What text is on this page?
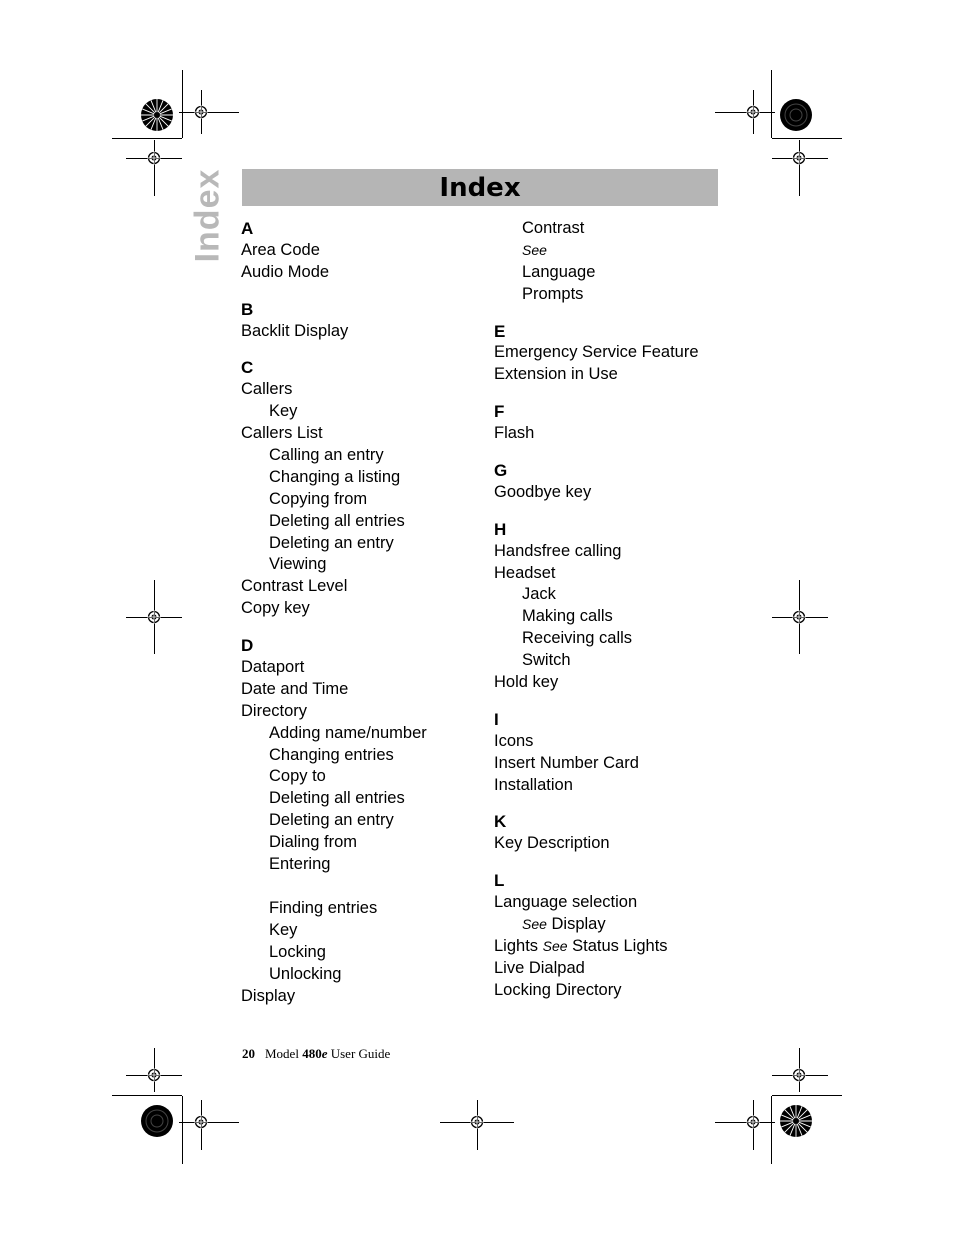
Index	Index
A
Area Code
Audio Mode
B
Backlit Display
C
Callers
Key
Callers List
Calling an entry
Changing a listing
Copying from
Deleting all entries
Deleting an entry
Viewing
Contrast Level
Copy key
D
Dataport
Date and Time
Directory
Adding name/number
Changing entries
Copy to
Deleting all entries
Deleting an entry
Dialing from
Entering
Finding entries
Key
Locking
Unlocking
Display
Contrast
See
Language
Prompts
E
Emergency Service Feature
Extension in Use
F
Flash
G
Goodbye key
H
Handsfree calling
Headset
Jack
Making calls
Receiving calls
Switch
Hold key
I
Icons
Insert Number Card
Installation
K
Key Description
L
Language selection
See Display
Lights See Status Lights
Live Dialpad
Locking Directory
20 Model 480e User Guide
